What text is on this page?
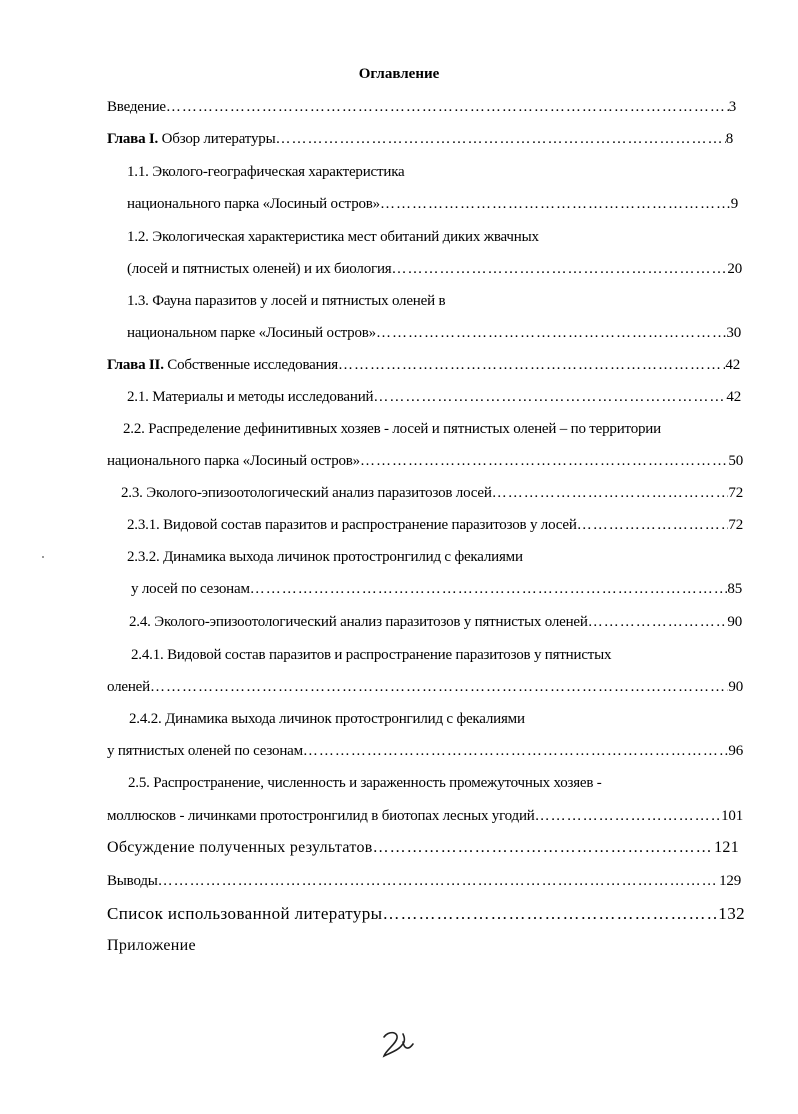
Оглавление
Введение ………………………………………………………………………………………………………………………………………………………………………………………………………………………………………………………	3
Глава I. Обзор литературы ………………………………………………………………………………………………………………………………………………………………………………………………………………………………………………………	8
1.1. Эколого-географическая характеристика
национального парка «Лосиный остров» ………………………………………………………………………………………………………………………………………………………………………………………………………………………………………………………	9
1.2. Экологическая характеристика мест обитаний диких жвачных
(лосей и пятнистых оленей) и их биология ………………………………………………………………………………………………………………………………………………………………………………………………………………………………………………………	20
1.3. Фауна паразитов у лосей и пятнистых оленей в
национальном парке «Лосиный остров» ………………………………………………………………………………………………………………………………………………………………………………………………………………………………………………………	30
Глава II. Собственные исследования ………………………………………………………………………………………………………………………………………………………………………………………………………………………………………………………	42
2.1. Материалы и методы исследований ………………………………………………………………………………………………………………………………………………………………………………………………………………………………………………………	42
2.2. Распределение дефинитивных хозяев - лосей и пятнистых оленей – по территории
национального парка «Лосиный остров» ………………………………………………………………………………………………………………………………………………………………………………………………………………………………………………………	50
2.3. Эколого-эпизоотологический анализ паразитозов лосей ………………………………………………………………………………………………………………………………………………………………………………………………………………………………………………………	72
2.3.1. Видовой состав паразитов и распространение паразитозов у лосей ………………………………………………………………………………………………………………………………………………………………………………………………………………………………………………………	72
2.3.2. Динамика выхода личинок протостронгилид с фекалиями
у лосей по сезонам ………………………………………………………………………………………………………………………………………………………………………………………………………………………………………………………	85
2.4. Эколого-эпизоотологический анализ паразитозов у пятнистых оленей ………………………………………………………………………………………………………………………………………………………………………………………………………………………………………………………	90
2.4.1. Видовой состав паразитов и распространение паразитозов у пятнистых
оленей ………………………………………………………………………………………………………………………………………………………………………………………………………………………………………………………	90
2.4.2. Динамика выхода личинок протостронгилид с фекалиями
у пятнистых оленей по сезонам ………………………………………………………………………………………………………………………………………………………………………………………………………………………………………………………	96
2.5. Распространение, численность и зараженность промежуточных хозяев -
моллюсков - личинками протостронгилид в биотопах лесных угодий ………………………………………………………………………………………………………………………………………………………………………………………………………………………………………………………	101
Обсуждение полученных результатов ………………………………………………………………………………………………………………………………………………………………………………………………………………………………………………………	121
Выводы ………………………………………………………………………………………………………………………………………………………………………………………………………………………………………………………	129
Список использованной литературы ………………………………………………………………………………………………………………………………………………………………………………………………………………………………………………………	132
Приложение
